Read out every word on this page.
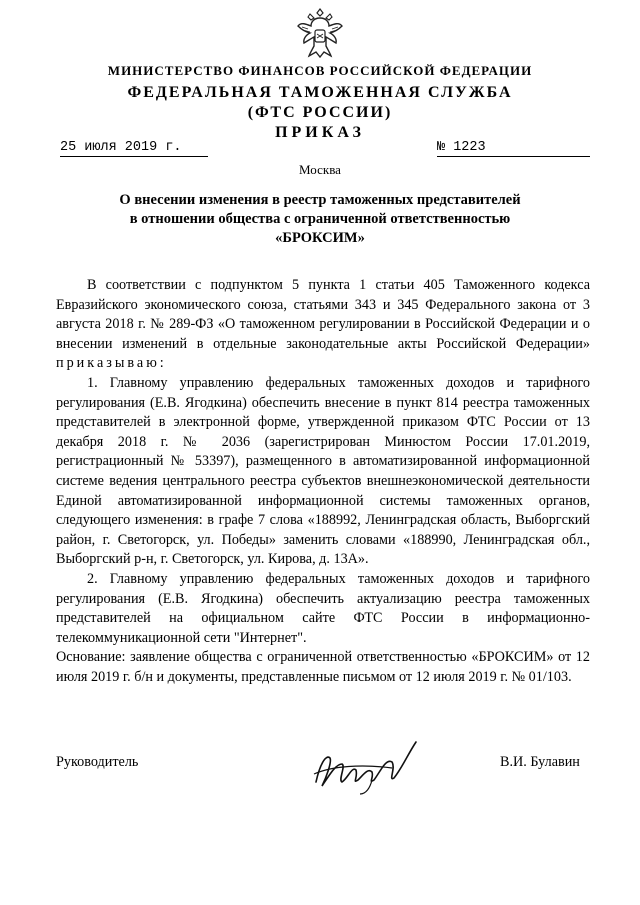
МИНИСТЕРСТВО ФИНАНСОВ РОССИЙСКОЙ ФЕДЕРАЦИИ
ФЕДЕРАЛЬНАЯ ТАМОЖЕННАЯ СЛУЖБА
(ФТС РОССИИ)
ПРИКАЗ
25 июля 2019 г.	№ 1223
Москва
О внесении изменения в реестр таможенных представителей
в отношении общества с ограниченной ответственностью
«БРОКСИМ»

В соответствии с подпунктом 5 пункта 1 статьи 405 Таможенного кодекса Евразийского экономического союза, статьями 343 и 345 Федерального закона от 3 августа 2018 г. № 289-ФЗ «О таможенном регулировании в Российской Федерации и о внесении изменений в отдельные законодательные акты Российской Федерации» приказываю:

1. Главному управлению федеральных таможенных доходов и тарифного регулирования (Е.В. Ягодкина) обеспечить внесение в пункт 814 реестра таможенных представителей в электронной форме, утвержденной приказом ФТС России от 13 декабря 2018 г. № 2036 (зарегистрирован Минюстом России 17.01.2019, регистрационный № 53397), размещенного в автоматизированной информационной системе ведения центрального реестра субъектов внешнеэкономической деятельности Единой автоматизированной информационной системы таможенных органов, следующего изменения: в графе 7 слова «188992, Ленинградская область, Выборгский район, г. Светогорск, ул. Победы» заменить словами «188990, Ленинградская обл., Выборгский р-н, г. Светогорск, ул. Кирова, д. 13А».

2. Главному управлению федеральных таможенных доходов и тарифного регулирования (Е.В. Ягодкина) обеспечить актуализацию реестра таможенных представителей на официальном сайте ФТС России в информационно-телекоммуникационной сети "Интернет".

Основание: заявление общества с ограниченной ответственностью «БРОКСИМ» от 12 июля 2019 г. б/н и документы, представленные письмом от 12 июля 2019 г. № 01/103.

Руководитель	В.И. Булавин
